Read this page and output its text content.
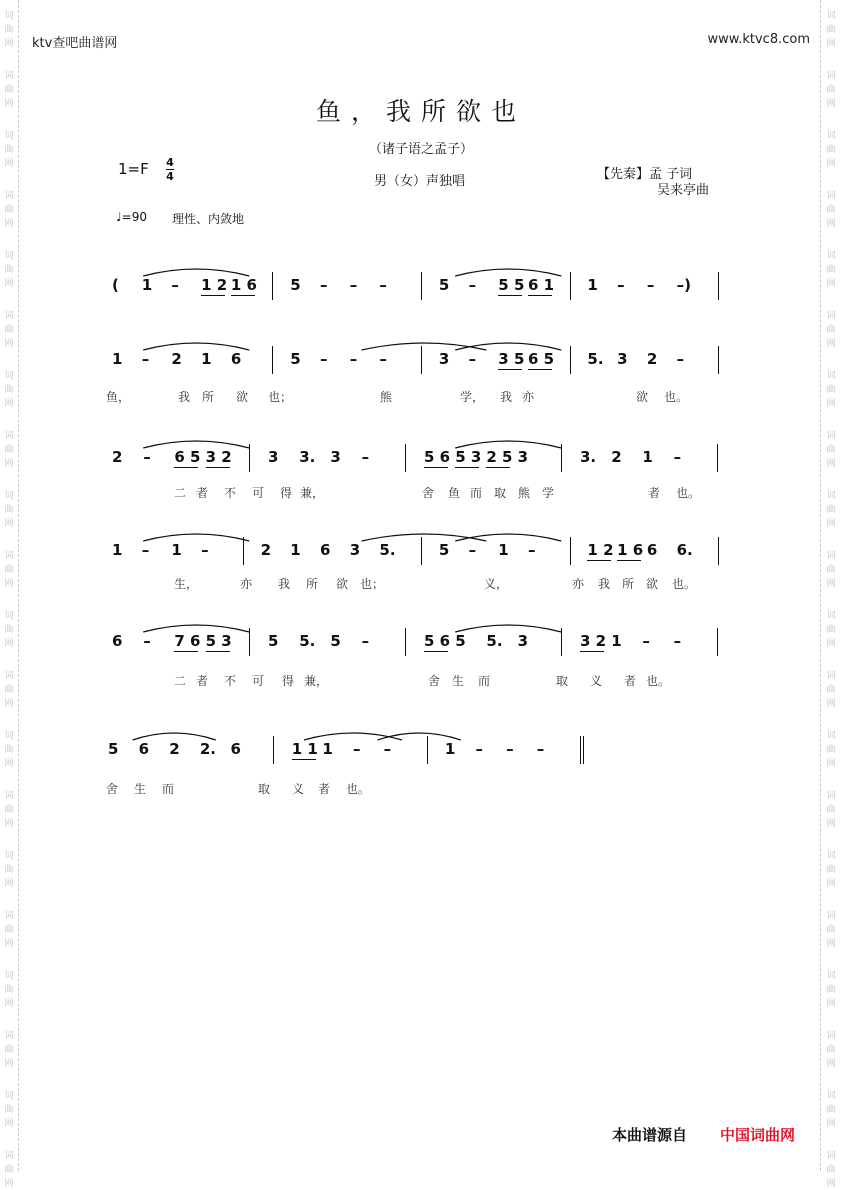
词
曲
网
词
曲
网
词
曲
网
词
曲
网
词
曲
网
词
曲
网
词
曲
网
词
曲
网
词
曲
网
词
曲
网
词
曲
网
词
曲
网
词
曲
网
词
曲
网
词
曲
网
词
曲
网
词
曲
网
词
曲
网
词
曲
网
词
曲
网
词
曲
网
词
曲
网
词
曲
网
词
曲
网
词
曲
网
词
曲
网
词
曲
网
词
曲
网
词
曲
网
词
曲
网
词
曲
网
词
曲
网
词
曲
网
词
曲
网
词
曲
网
词
曲
网
词
曲
网
词
曲
网
词
曲
网
词
曲
网
ktv查吧曲谱网	www.ktvc8.com
鱼，我所欲也
（诸子语之孟子）
1=F 4
4	男（女）声独唱	【先秦】孟 子词
吴来亭曲
♩=90 理性、内敛地
( 1 – 1 2 1 6 5 – – –	5 – 5 5 6 1 1 – – –)
1 – 2 1 6	5 – – –	3 – 3 5 6 5 5. 3 2 –
鱼，	我 所 欲 也；	熊	学， 我 亦	欲 也。
2 – 6 5 3 2 3 3. 3 –	5 6 5 3 2 5 3	3. 2 1 –
二 者 不 可 得 兼，	舍 鱼 而 取 熊 学	者 也。
1 – 1 –	2 1 6 3 5.	5 – 1 –	1 2 1 6 6 6.
生，	亦 我 所 欲 也；	义，	亦 我 所 欲 也。
6 – 7 6 5 3 5 5. 5 –	5 6 5 5. 3	3 2 1 – –
二 者 不 可 得 兼，	舍 生 而	取 义 者 也。
5 6 2 2. 6	1 1 1 – –	1 – – –
舍 生 而	取 义 者 也。
本曲谱源自 中国词曲网
